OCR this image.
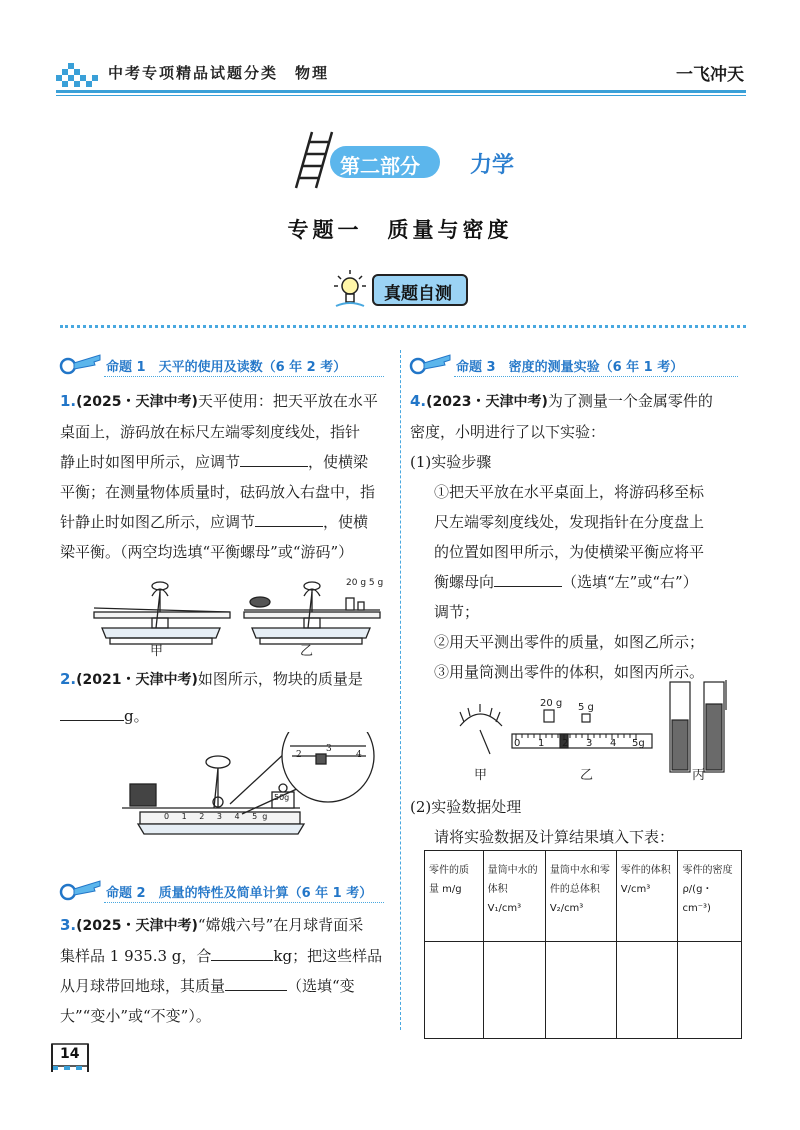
中考专项精品试题分类　物理	一飞冲天
第二部分 力学
专题一　质量与密度
真题自测
命题 1　天平的使用及读数（6 年 2 考）
1.(2025・天津中考)天平使用：把天平放在水平
桌面上，游码放在标尺左端零刻度线处，指针
静止时如图甲所示，应调节	，使横梁
平衡；在测量物体质量时，砝码放入右盘中，指
针静止时如图乙所示，应调节	，使横
梁平衡。（两空均选填“平衡螺母”或“游码”）
20 g 5 g
甲	乙
2.(2021・天津中考)如图所示，物块的质量是
g。
2
3
4
50g
0 1 2 3 4 5g
命题 2　质量的特性及简单计算（6 年 1 考）
3.(2025・天津中考)“嫦娥六号”在月球背面采
集样品 1 935.3 g，合	kg；把这些样品
从月球带回地球，其质量	（选填“变
大”“变小”或“不变”）。
命题 3　密度的测量实验（6 年 1 考）
4.(2023・天津中考)为了测量一个金属零件的
密度，小明进行了以下实验：
(1)实验步骤
①把天平放在水平桌面上，将游码移至标
尺左端零刻度线处，发现指针在分度盘上
的位置如图甲所示，为使横梁平衡应将平
衡螺母向	（选填“左”或“右”）
调节；
②用天平测出零件的质量，如图乙所示；
③用量筒测出零件的体积，如图丙所示。
20 g 5 g
0 1 2 3 4 5g
甲	乙	丙
(2)实验数据处理
请将实验数据及计算结果填入下表：
零件的质量 m/g	量筒中水的体积 V₁/cm³	量筒中水和零件的总体积 V₂/cm³	零件的体积 V/cm³	零件的密度 ρ/(g・cm⁻³)

14
